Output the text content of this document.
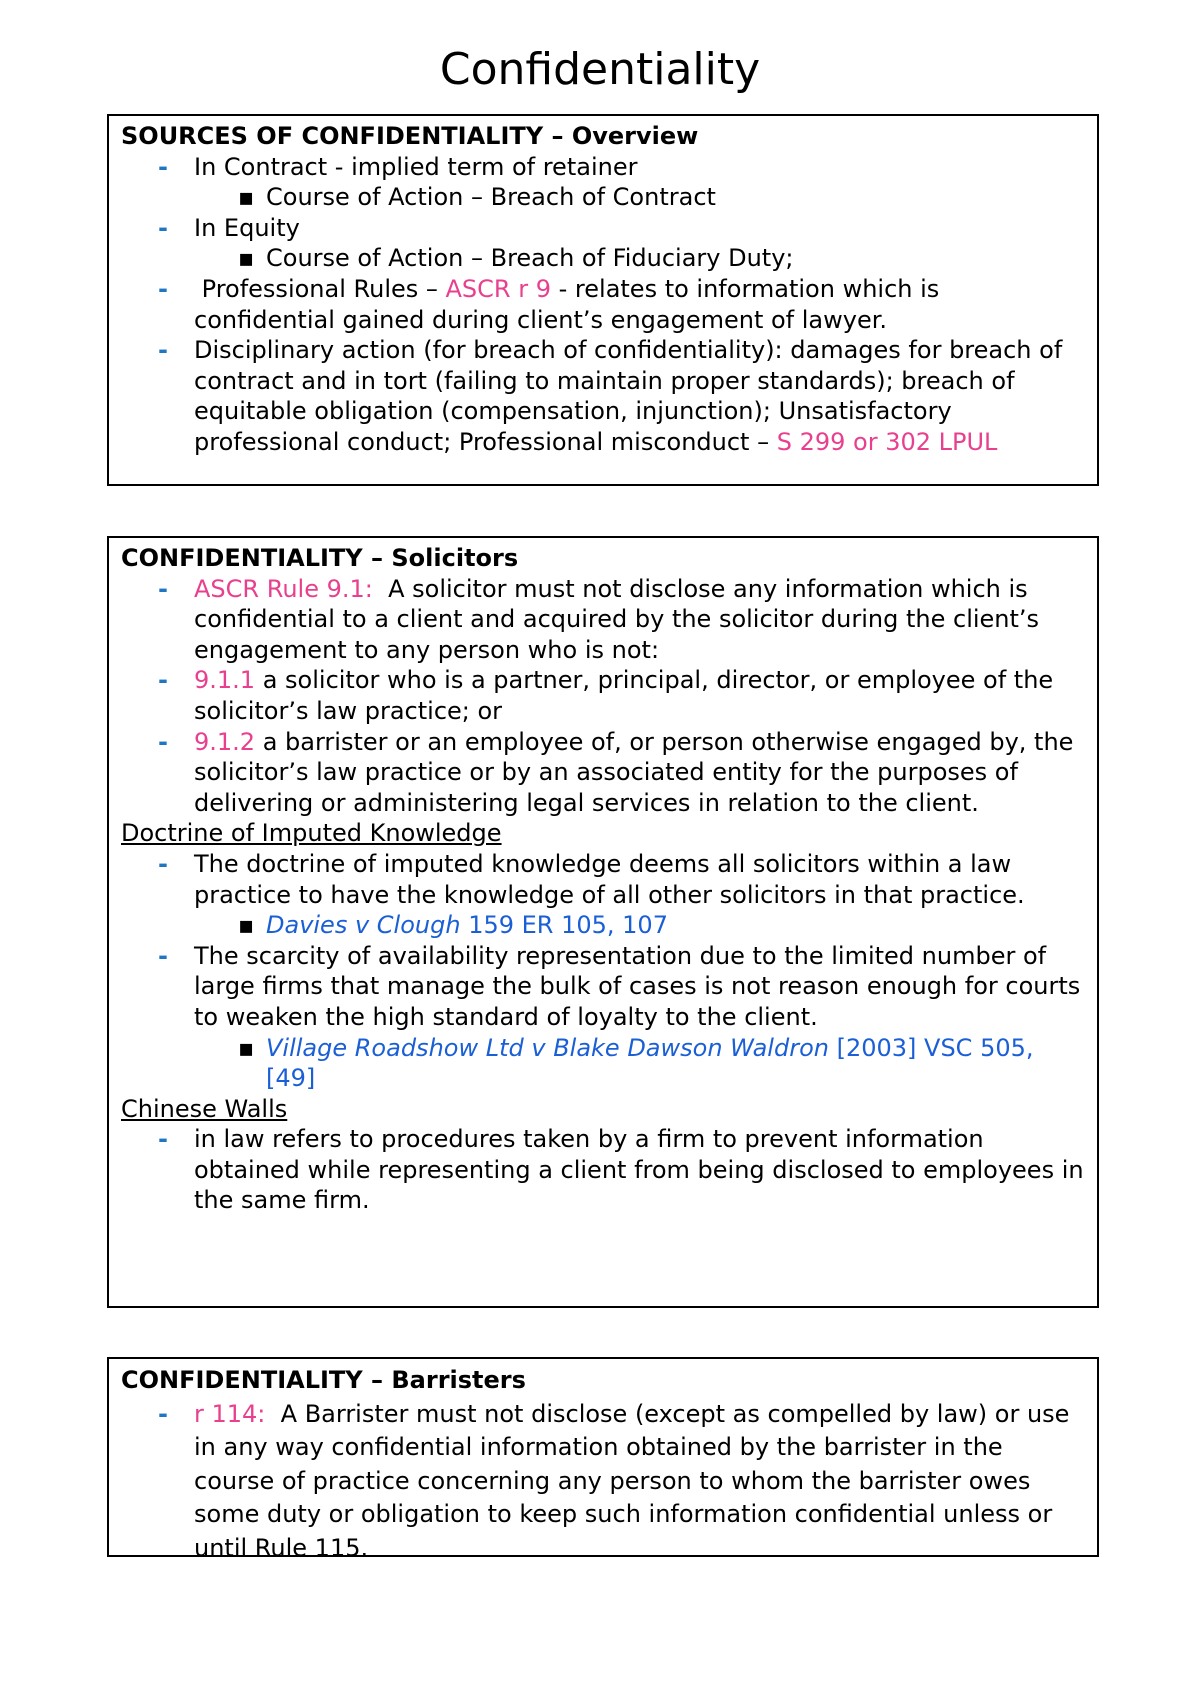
Confidentiality
SOURCES OF CONFIDENTIALITY – Overview
- In Contract - implied term of retainer
▪ Course of Action – Breach of Contract
- In Equity
▪ Course of Action – Breach of Fiduciary Duty;
- Professional Rules – ASCR r 9 - relates to information which is confidential gained during client’s engagement of lawyer.
- Disciplinary action (for breach of confidentiality): damages for breach of contract and in tort (failing to maintain proper standards); breach of equitable obligation (compensation, injunction); Unsatisfactory professional conduct; Professional misconduct – S 299 or 302 LPUL
CONFIDENTIALITY – Solicitors
- ASCR Rule 9.1:  A solicitor must not disclose any information which is confidential to a client and acquired by the solicitor during the client’s engagement to any person who is not:
- 9.1.1 a solicitor who is a partner, principal, director, or employee of the solicitor’s law practice; or
- 9.1.2 a barrister or an employee of, or person otherwise engaged by, the solicitor’s law practice or by an associated entity for the purposes of delivering or administering legal services in relation to the client.
Doctrine of Imputed Knowledge
- The doctrine of imputed knowledge deems all solicitors within a law practice to have the knowledge of all other solicitors in that practice.
▪ Davies v Clough 159 ER 105, 107
- The scarcity of availability representation due to the limited number of large firms that manage the bulk of cases is not reason enough for courts to weaken the high standard of loyalty to the client.
▪ Village Roadshow Ltd v Blake Dawson Waldron [2003] VSC 505, [49]
Chinese Walls
- in law refers to procedures taken by a firm to prevent information obtained while representing a client from being disclosed to employees in the same firm.
CONFIDENTIALITY – Barristers
- r 114:  A Barrister must not disclose (except as compelled by law) or use in any way confidential information obtained by the barrister in the course of practice concerning any person to whom the barrister owes some duty or obligation to keep such information confidential unless or until Rule 115.
